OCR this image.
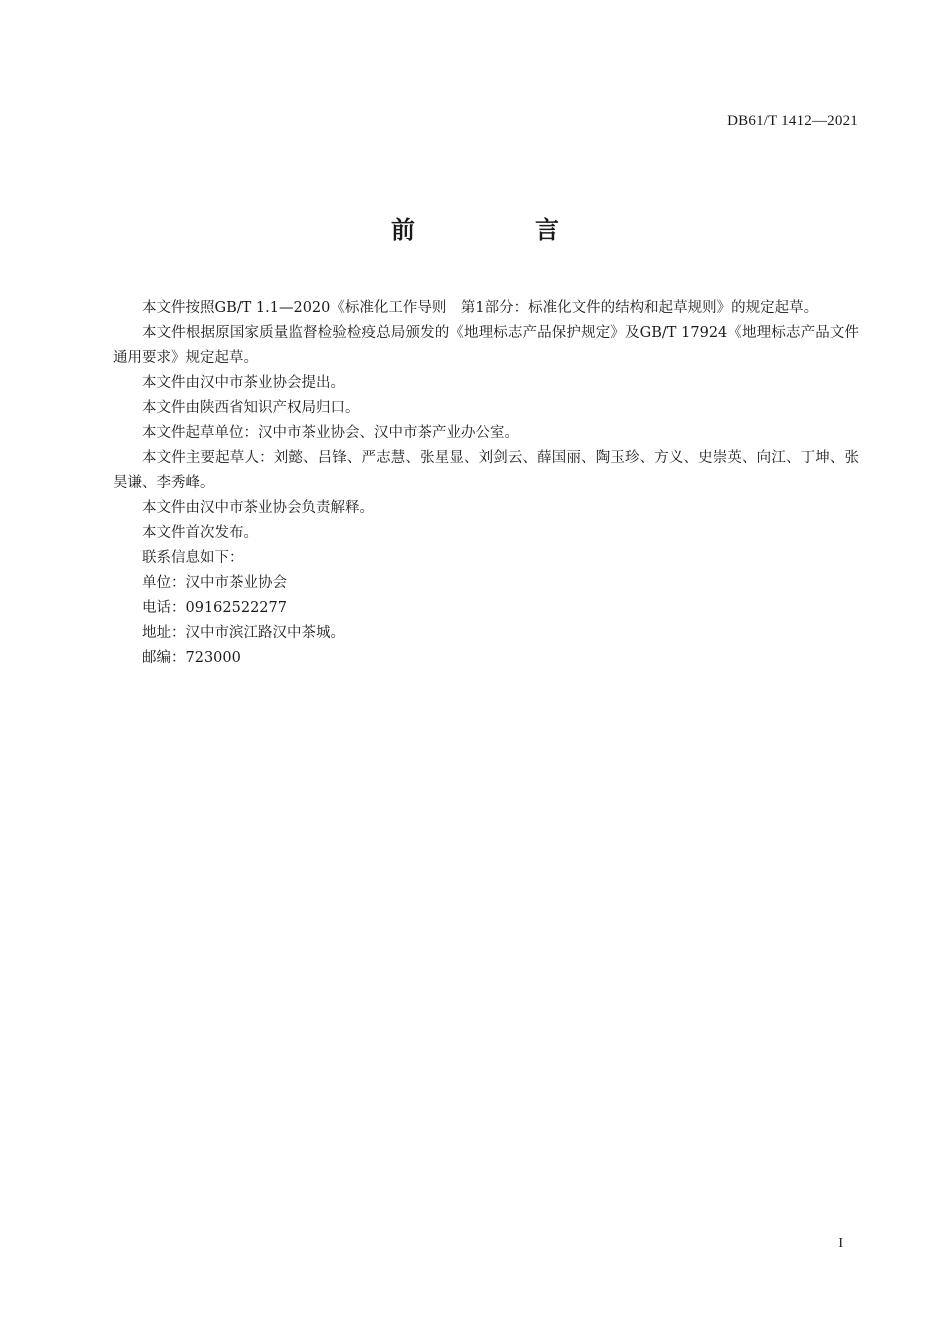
DB61/T 1412—2021
前　言

本文件按照GB/T 1.1—2020《标准化工作导则　第1部分：标准化文件的结构和起草规则》的规定起草。

本文件根据原国家质量监督检验检疫总局颁发的《地理标志产品保护规定》及GB/T 17924《地理标志产品文件通用要求》规定起草。

本文件由汉中市茶业协会提出。

本文件由陕西省知识产权局归口。

本文件起草单位：汉中市茶业协会、汉中市茶产业办公室。

本文件主要起草人：刘懿、吕锋、严志慧、张星显、刘剑云、薛国丽、陶玉珍、方义、史崇英、向江、丁坤、张昊谦、李秀峰。

本文件由汉中市茶业协会负责解释。

本文件首次发布。

联系信息如下：

单位：汉中市茶业协会

电话：09162522277

地址：汉中市滨江路汉中茶城。

邮编：723000

I
